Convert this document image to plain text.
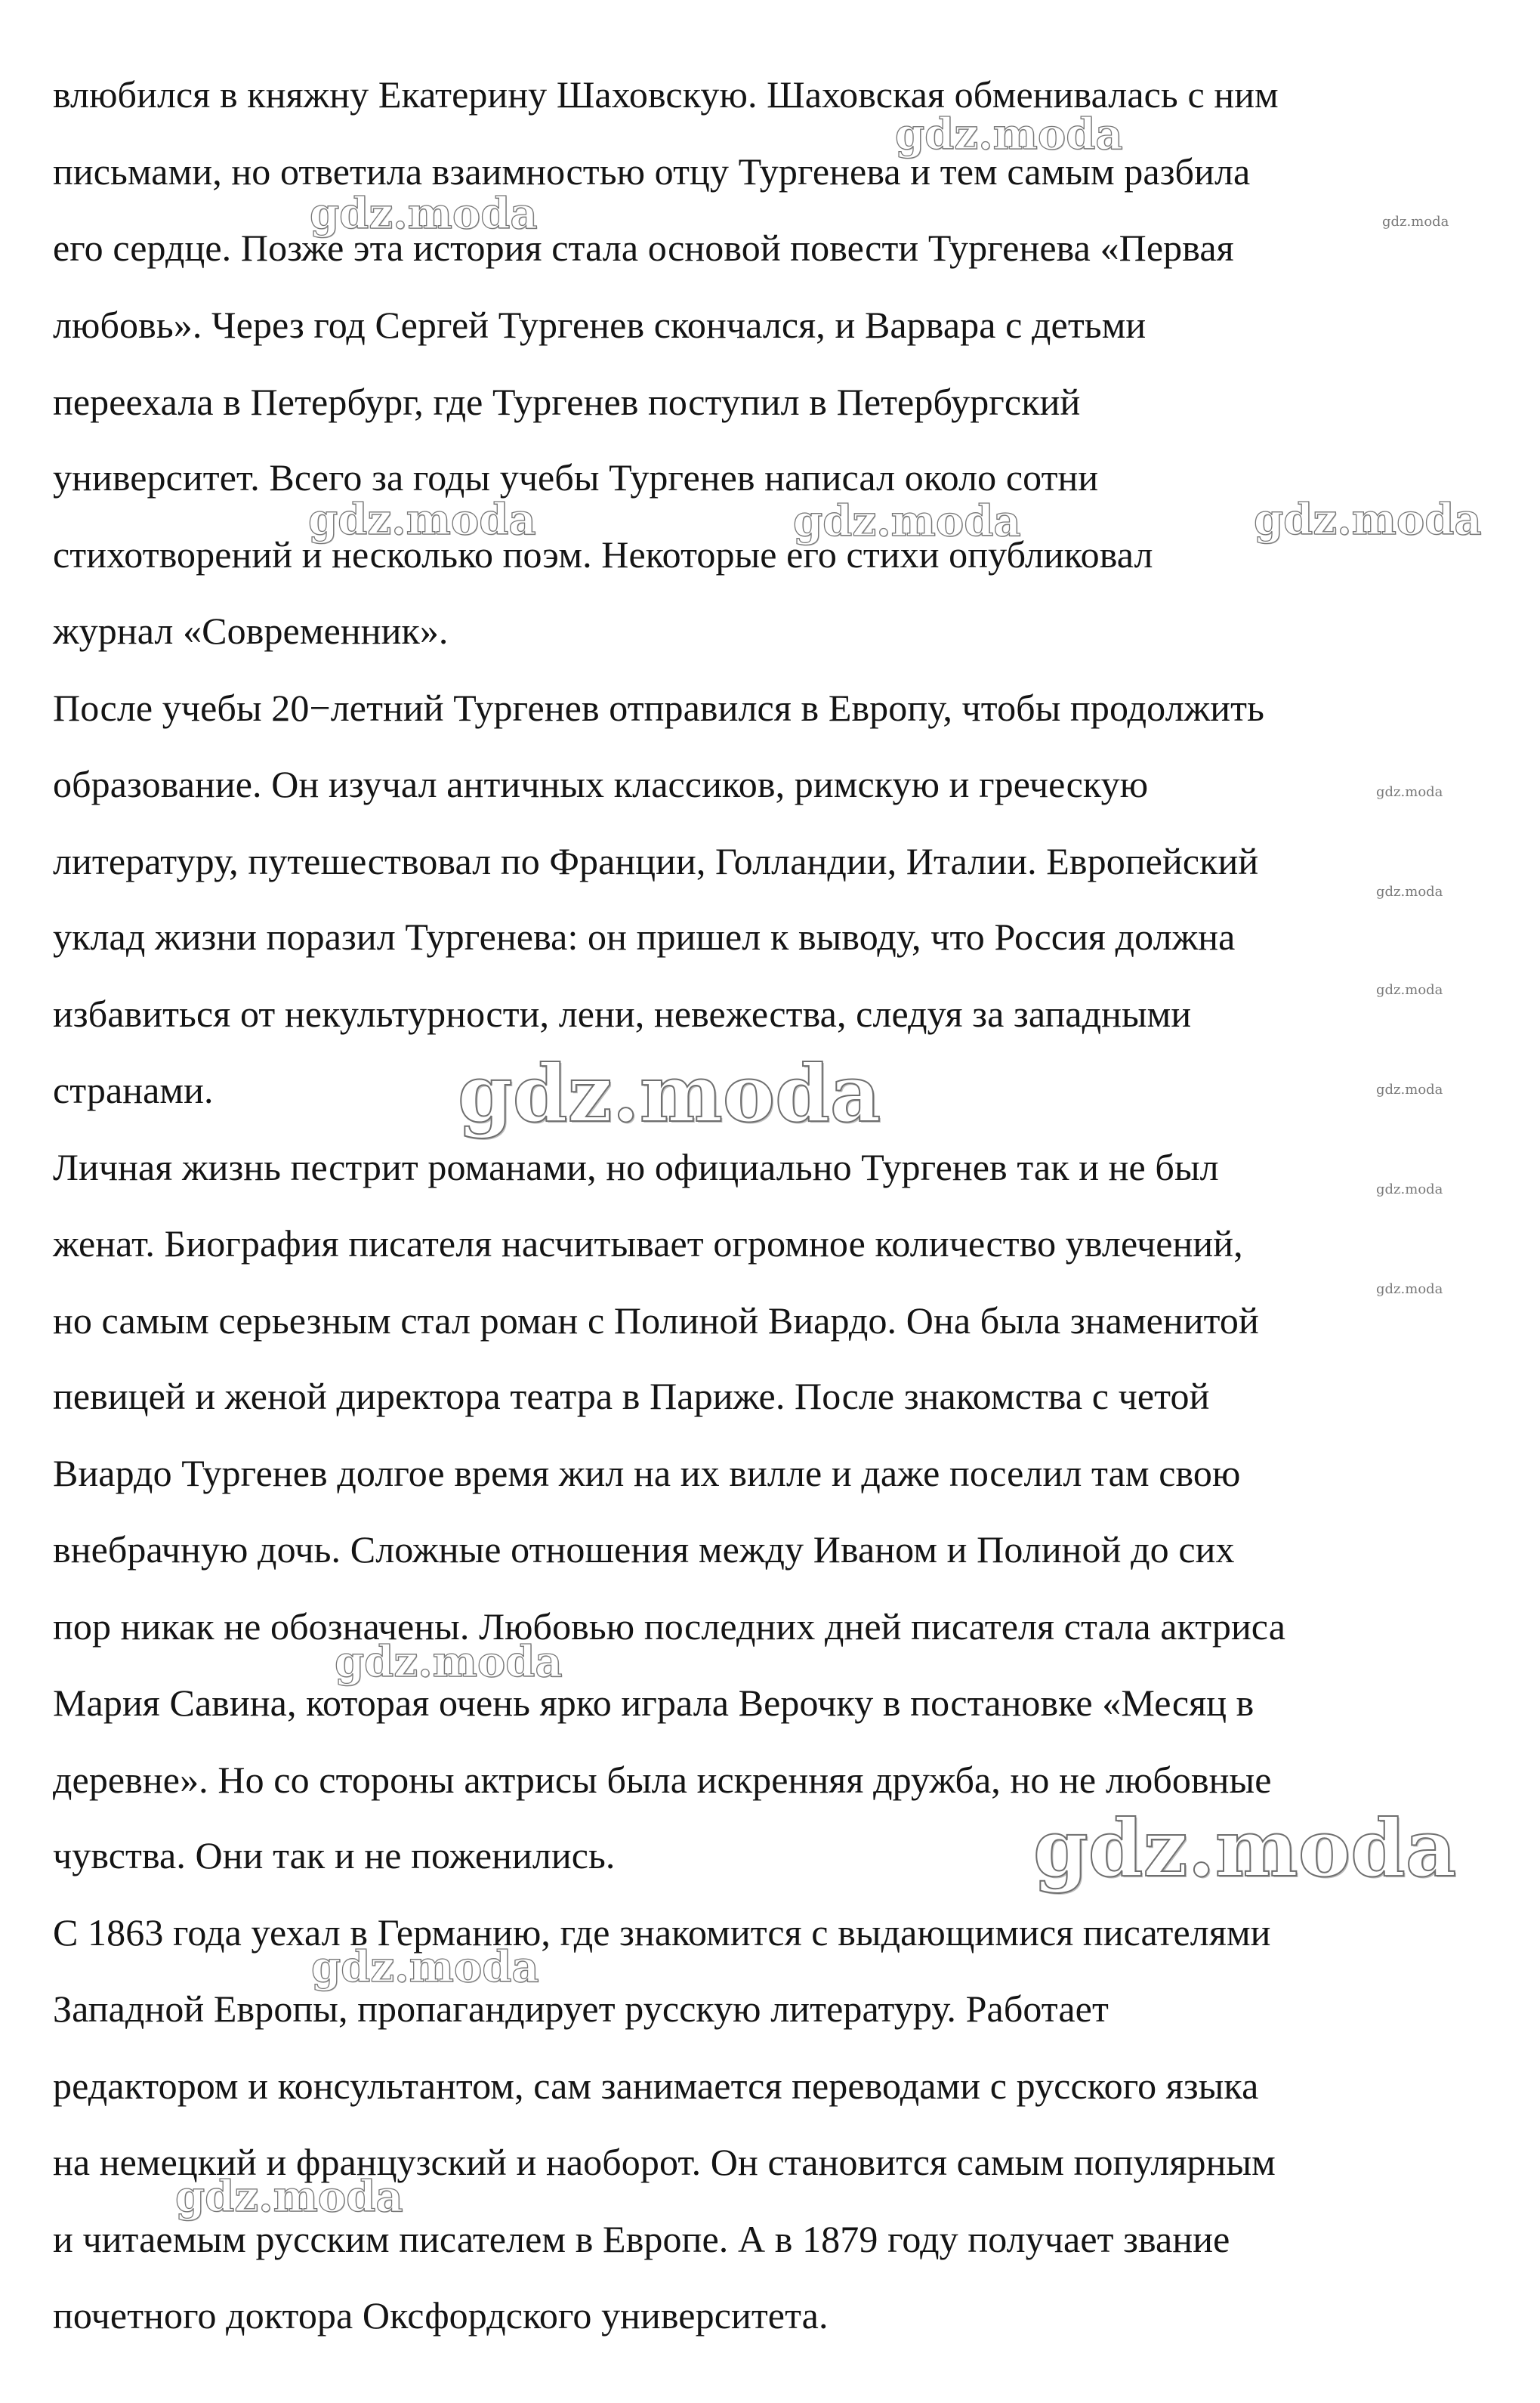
влюбился в княжну Екатерину Шаховскую. Шаховская обменивалась с ним

письмами, но ответила взаимностью отцу Тургенева и тем самым разбила

его сердце. Позже эта история стала основой повести Тургенева «Первая

любовь». Через год Сергей Тургенев скончался, и Варвара с детьми

переехала в Петербург, где Тургенев поступил в Петербургский

университет. Всего за годы учебы Тургенев написал около сотни

стихотворений и несколько поэм. Некоторые его стихи опубликовал

журнал «Современник».

После учебы 20−летний Тургенев отправился в Европу, чтобы продолжить

образование. Он изучал античных классиков, римскую и греческую

литературу, путешествовал по Франции, Голландии, Италии. Европейский

уклад жизни поразил Тургенева: он пришел к выводу, что Россия должна

избавиться от некультурности, лени, невежества, следуя за западными

странами.

Личная жизнь пестрит романами, но официально Тургенев так и не был

женат. Биография писателя насчитывает огромное количество увлечений,

но самым серьезным стал роман с Полиной Виардо. Она была знаменитой

певицей и женой директора театра в Париже. После знакомства с четой

Виардо Тургенев долгое время жил на их вилле и даже поселил там свою

внебрачную дочь. Сложные отношения между Иваном и Полиной до сих

пор никак не обозначены. Любовью последних дней писателя стала актриса

Мария Савина, которая очень ярко играла Верочку в постановке «Месяц в

деревне». Но со стороны актрисы была искренняя дружба, но не любовные

чувства. Они так и не поженились.

С 1863 года уехал в Германию, где знакомится с выдающимися писателями

Западной Европы, пропагандирует русскую литературу. Работает

редактором и консультантом, сам занимается переводами с русского языка

на немецкий и французский и наоборот. Он становится самым популярным

и читаемым русским писателем в Европе. А в 1879 году получает звание

почетного доктора Оксфордского университета.

gdz.moda
gdz.moda	gdz.moda
gdz.moda	gdz.moda	gdz.moda
gdz.moda
gdz.moda
gdz.moda
gdz.moda	gdz.moda
gdz.moda
gdz.moda
gdz.moda
gdz.moda
gdz.moda
gdz.moda
